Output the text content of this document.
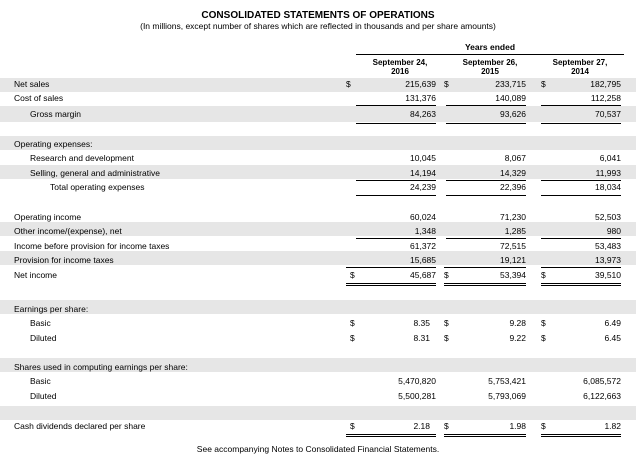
CONSOLIDATED STATEMENTS OF OPERATIONS
(In millions, except number of shares which are reflected in thousands and per share amounts)
Years ended
September 24,
2016
September 26,
2015
September 27,
2014
Net sales	$	215,639 $	233,715 $	182,795
Cost of sales	131,376	140,089	112,258
Gross margin	84,263	93,626	70,537
Operating expenses:
Research and development	10,045	8,067	6,041
Selling, general and administrative	14,194	14,329	11,993
Total operating expenses	24,239	22,396	18,034
Operating income	60,024	71,230	52,503
Other income/(expense), net	1,348	1,285	980
Income before provision for income taxes	61,372	72,515	53,483
Provision for income taxes	15,685	19,121	13,973
Net income	$	45,687 $	53,394 $	39,510
Earnings per share:
Basic	$	8.35 $	9.28 $	6.49
Diluted	$	8.31 $	9.22 $	6.45
Shares used in computing earnings per share:
Basic	5,470,820	5,753,421	6,085,572
Diluted	5,500,281	5,793,069	6,122,663
Cash dividends declared per share	$	2.18 $	1.98 $	1.82
See accompanying Notes to Consolidated Financial Statements.
